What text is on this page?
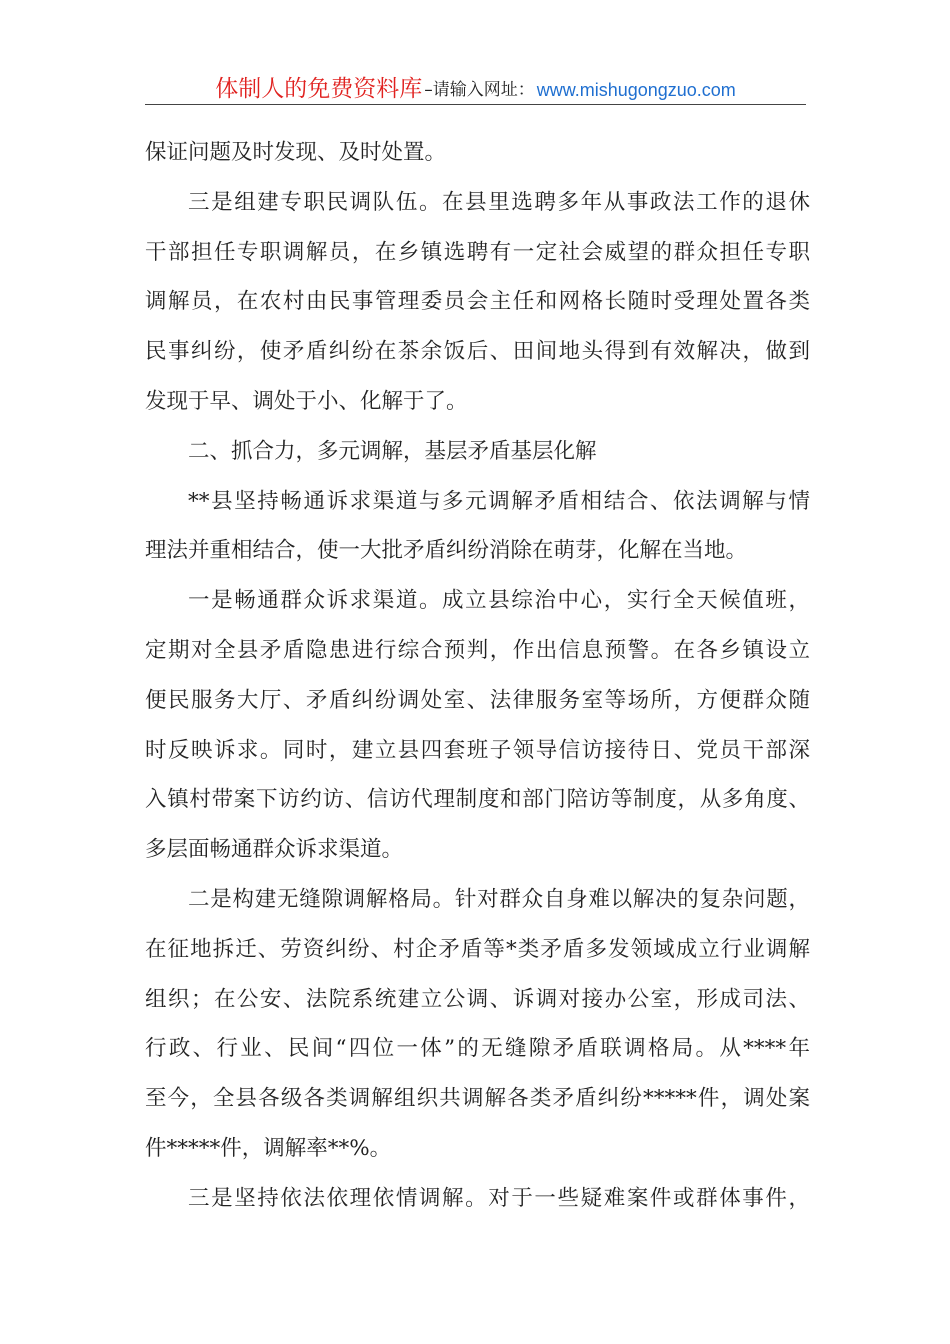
体制人的免费资料库 –请输入网址： www.mishugongzuo.com
保证问题及时发现、及时处置。
三是组建专职民调队伍。在县里选聘多年从事政法工作的退休
干部担任专职调解员，在乡镇选聘有一定社会威望的群众担任专职
调解员，在农村由民事管理委员会主任和网格长随时受理处置各类
民事纠纷，使矛盾纠纷在茶余饭后、田间地头得到有效解决，做到
发现于早、调处于小、化解于了。
二、抓合力，多元调解，基层矛盾基层化解
**县坚持畅通诉求渠道与多元调解矛盾相结合、依法调解与情
理法并重相结合，使一大批矛盾纠纷消除在萌芽，化解在当地。
一是畅通群众诉求渠道。成立县综治中心，实行全天候值班，
定期对全县矛盾隐患进行综合预判，作出信息预警。在各乡镇设立
便民服务大厅、矛盾纠纷调处室、法律服务室等场所，方便群众随
时反映诉求。同时，建立县四套班子领导信访接待日、党员干部深
入镇村带案下访约访、信访代理制度和部门陪访等制度，从多角度、
多层面畅通群众诉求渠道。
二是构建无缝隙调解格局。针对群众自身难以解决的复杂问题，
在征地拆迁、劳资纠纷、村企矛盾等*类矛盾多发领域成立行业调解
组织；在公安、法院系统建立公调、诉调对接办公室，形成司法、
行政、行业、民间“四位一体”的无缝隙矛盾联调格局。从****年
至今，全县各级各类调解组织共调解各类矛盾纠纷*****件，调处案
件*****件，调解率**%。
三是坚持依法依理依情调解。对于一些疑难案件或群体事件，
